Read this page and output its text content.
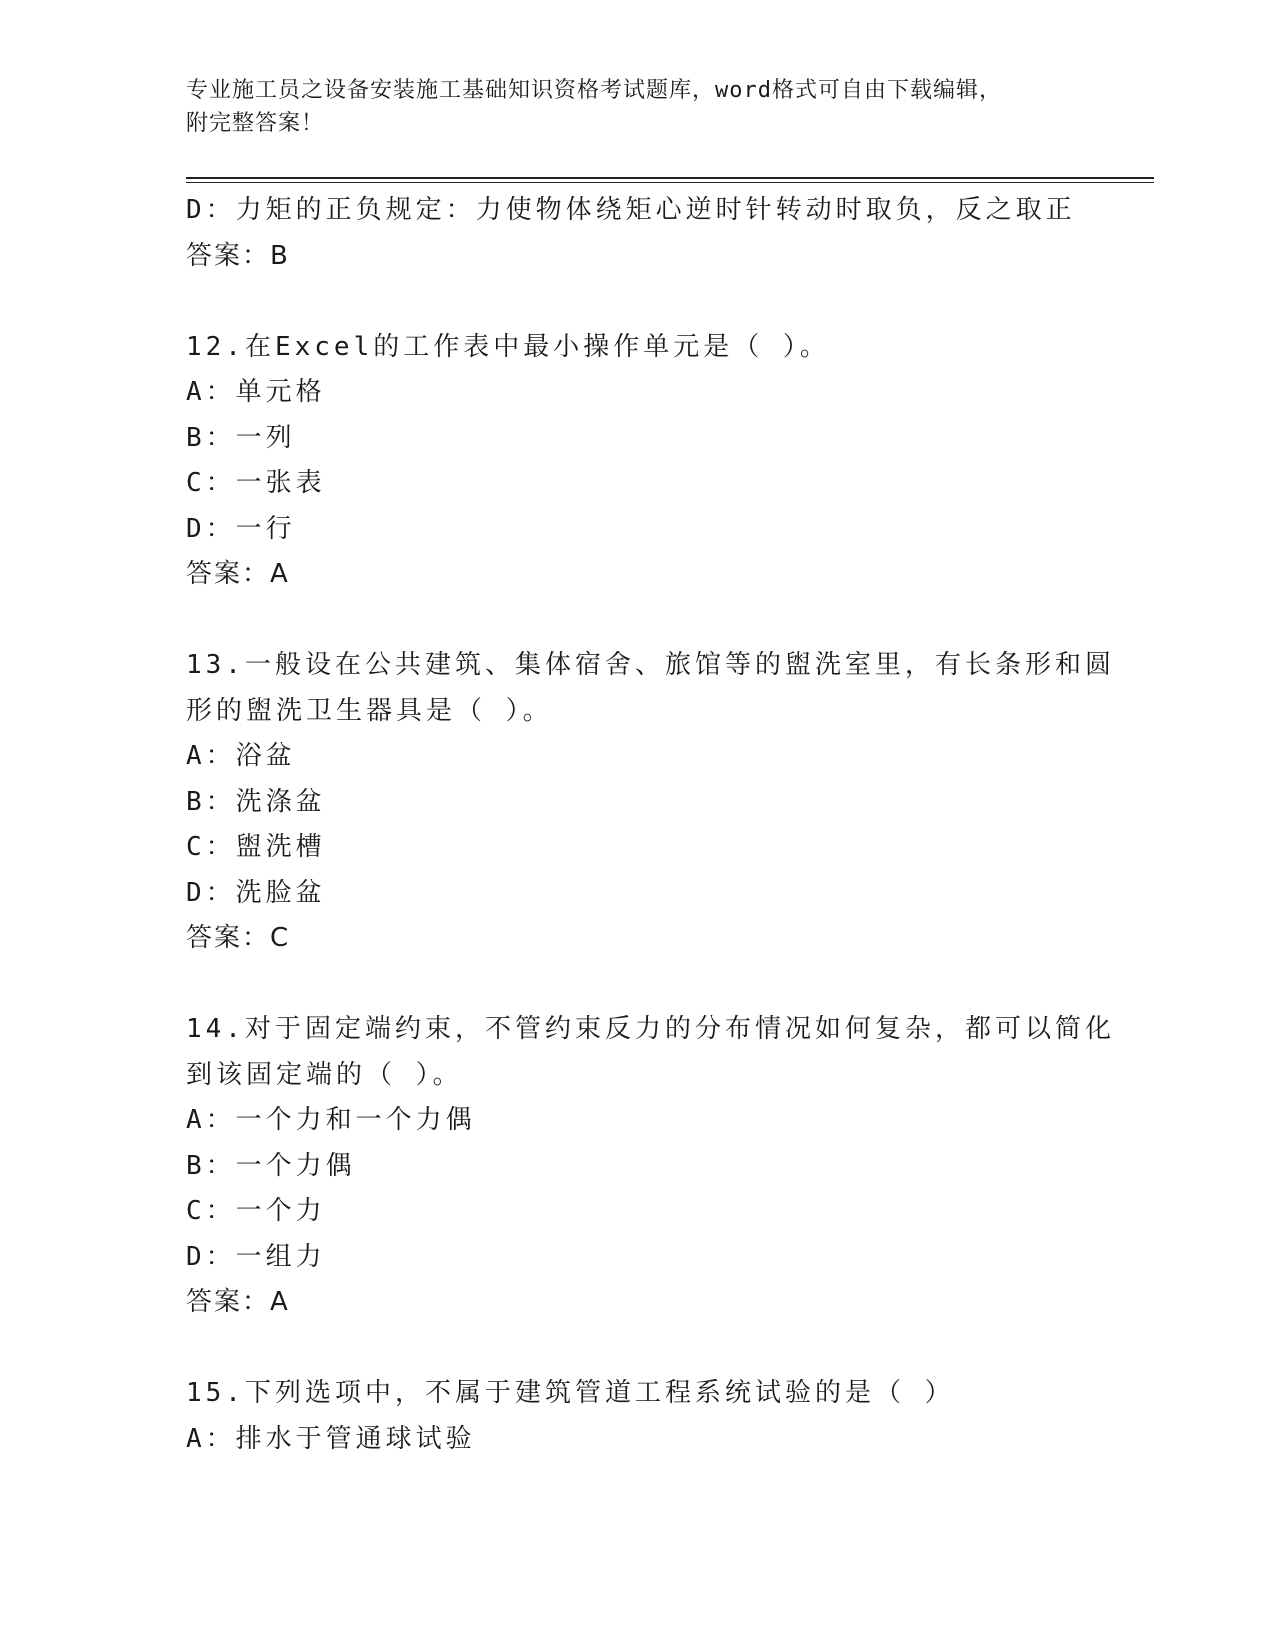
专业施工员之设备安装施工基础知识资格考试题库，word格式可自由下载编辑，
附完整答案！
D：力矩的正负规定：力使物体绕矩心逆时针转动时取负，反之取正
答案：B
12.在Excel的工作表中最小操作单元是（ ）。
A：单元格
B：一列
C：一张表
D：一行
答案：A
13.一般设在公共建筑、集体宿舍、旅馆等的盥洗室里，有长条形和圆
形的盥洗卫生器具是（ ）。
A：浴盆
B：洗涤盆
C：盥洗槽
D：洗脸盆
答案：C
14.对于固定端约束，不管约束反力的分布情况如何复杂，都可以简化
到该固定端的（ ）。
A：一个力和一个力偶
B：一个力偶
C：一个力
D：一组力
答案：A
15.下列选项中，不属于建筑管道工程系统试验的是（ ）
A：排水于管通球试验
